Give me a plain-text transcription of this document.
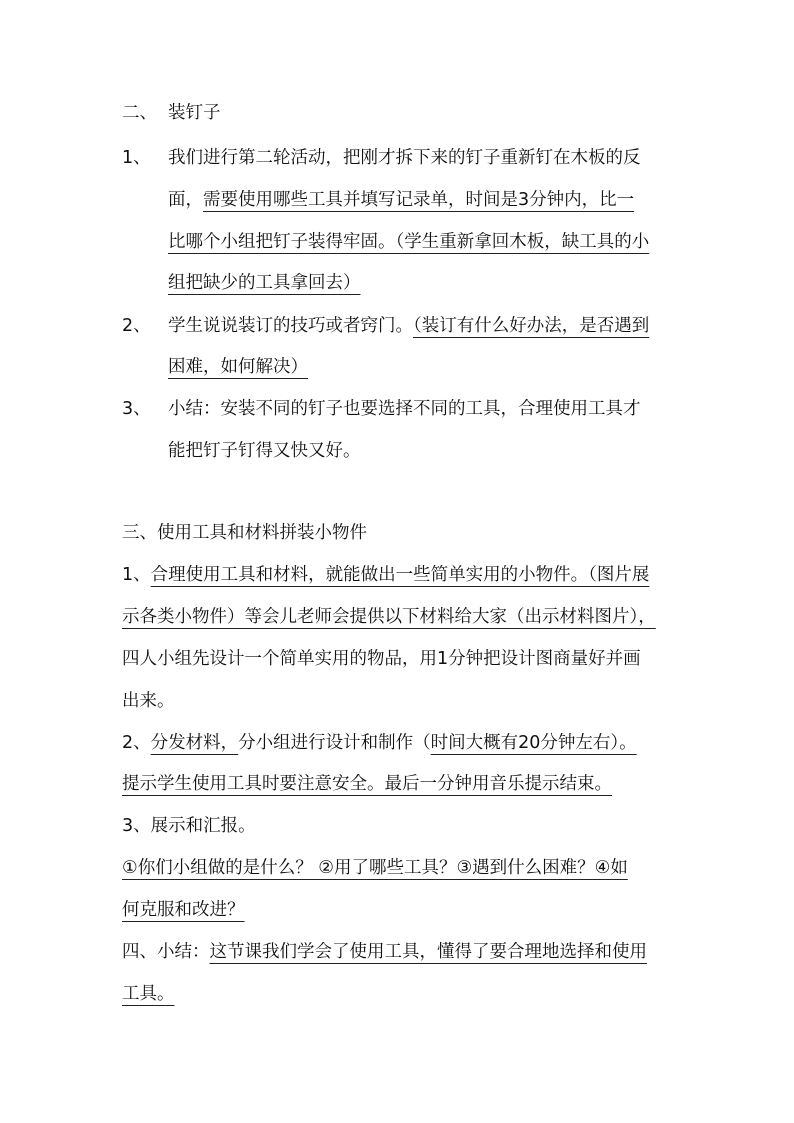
二、 装钉子
1、 我们进行第二轮活动，把刚才拆下来的钉子重新钉在木板的反
面，需要使用哪些工具并填写记录单，时间是3分钟内，比一
比哪个小组把钉子装得牢固。（学生重新拿回木板，缺工具的小
组把缺少的工具拿回去）
2、 学生说说装订的技巧或者窍门。（装订有什么好办法，是否遇到
困难，如何解决）
3、 小结：安装不同的钉子也要选择不同的工具，合理使用工具才
能把钉子钉得又快又好。
三、使用工具和材料拼装小物件
1、合理使用工具和材料，就能做出一些简单实用的小物件。（图片展
示各类小物件）等会儿老师会提供以下材料给大家（出示材料图片），
四人小组先设计一个简单实用的物品，用1分钟把设计图商量好并画
出来。
2、分发材料，分小组进行设计和制作（时间大概有20分钟左右）。
提示学生使用工具时要注意安全。最后一分钟用音乐提示结束。
3、展示和汇报。
①你们小组做的是什么？ ②用了哪些工具？③遇到什么困难？④如
何克服和改进？
四、小结：这节课我们学会了使用工具，懂得了要合理地选择和使用
工具。
